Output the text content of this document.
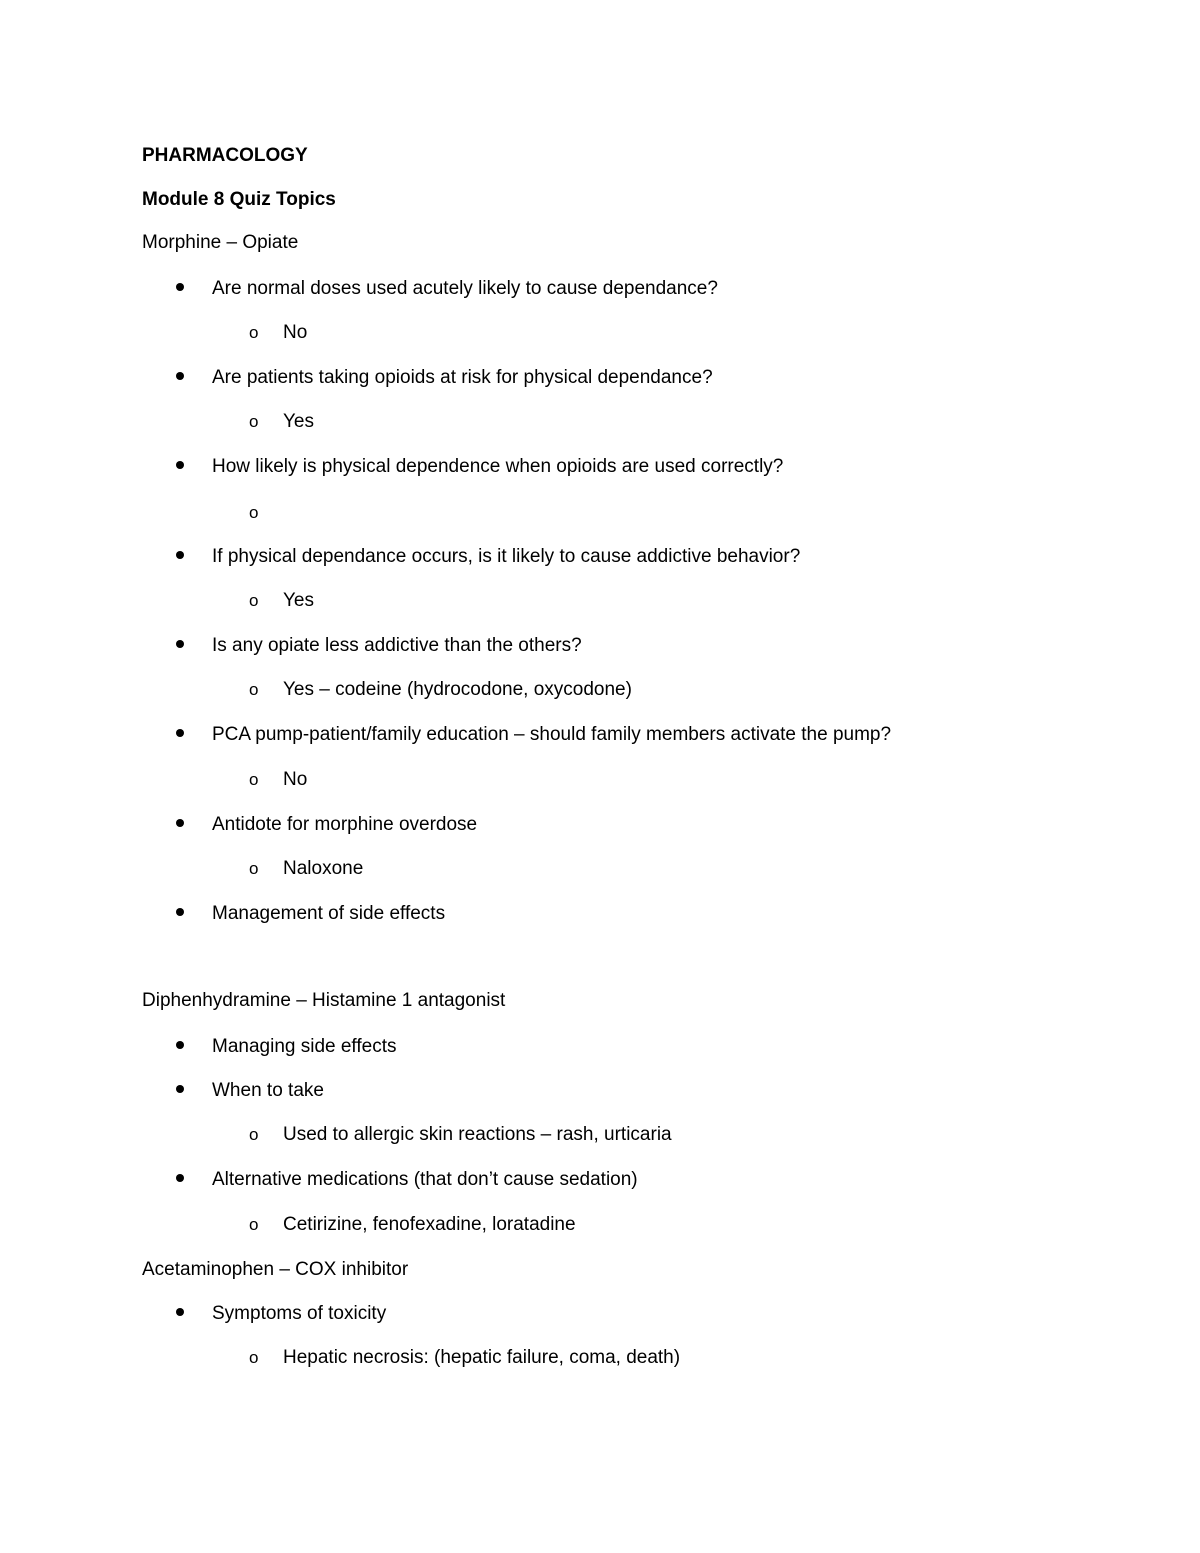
PHARMACOLOGY
Module 8 Quiz Topics
Morphine – Opiate
Are normal doses used acutely likely to cause dependance?
o No
Are patients taking opioids at risk for physical dependance?
o Yes
How likely is physical dependence when opioids are used correctly?
o
If physical dependance occurs, is it likely to cause addictive behavior?
o Yes
Is any opiate less addictive than the others?
o Yes – codeine (hydrocodone, oxycodone)
PCA pump-patient/family education – should family members activate the pump?
o No
Antidote for morphine overdose
o Naloxone
Management of side effects
Diphenhydramine – Histamine 1 antagonist
Managing side effects
When to take
o Used to allergic skin reactions – rash, urticaria
Alternative medications (that don’t cause sedation)
o Cetirizine, fenofexadine, loratadine
Acetaminophen – COX inhibitor
Symptoms of toxicity
o Hepatic necrosis: (hepatic failure, coma, death)
